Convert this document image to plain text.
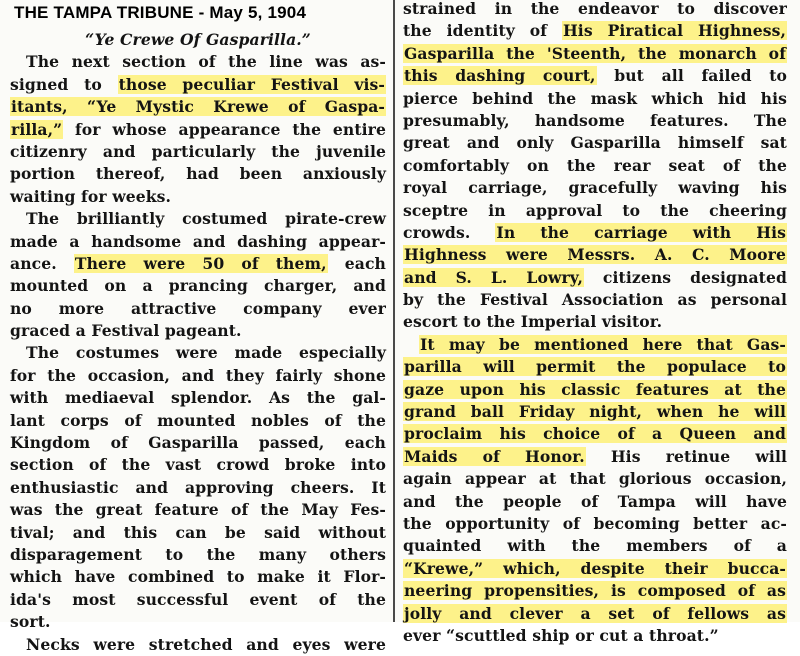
THE TAMPA TRIBUNE - May 5, 1904
“Ye Crewe Of Gasparilla.”
The next section of the line was as-
signed to those peculiar Festival vis-
itants, “Ye Mystic Krewe of Gaspa-
rilla,” for whose appearance the entire
citizenry and particularly the juvenile
portion thereof, had been anxiously
waiting for weeks.
The brilliantly costumed pirate-crew
made a handsome and dashing appear-
ance. There were 50 of them, each
mounted on a prancing charger, and
no more attractive company ever
graced a Festival pageant.
The costumes were made especially
for the occasion, and they fairly shone
with mediaeval splendor. As the gal-
lant corps of mounted nobles of the
Kingdom of Gasparilla passed, each
section of the vast crowd broke into
enthusiastic and approving cheers. It
was the great feature of the May Fes-
tival; and this can be said without
disparagement to the many others
which have combined to make it Flor-
ida's most successful event of the
sort.
Necks were stretched and eyes were
strained in the endeavor to discover
the identity of His Piratical Highness,
Gasparilla the 'Steenth, the monarch of
this dashing court, but all failed to
pierce behind the mask which hid his
presumably, handsome features. The
great and only Gasparilla himself sat
comfortably on the rear seat of the
royal carriage, gracefully waving his
sceptre in approval to the cheering
crowds. In the carriage with His
Highness were Messrs. A. C. Moore
and S. L. Lowry, citizens designated
by the Festival Association as personal
escort to the Imperial visitor.
It may be mentioned here that Gas-
parilla will permit the populace to
gaze upon his classic features at the
grand ball Friday night, when he will
proclaim his choice of a Queen and
Maids of Honor. His retinue will
again appear at that glorious occasion,
and the people of Tampa will have
the opportunity of becoming better ac-
quainted with the members of a
“Krewe,” which, despite their bucca-
neering propensities, is composed of as
jolly and clever a set of fellows as
ever “scuttled ship or cut a throat.”
